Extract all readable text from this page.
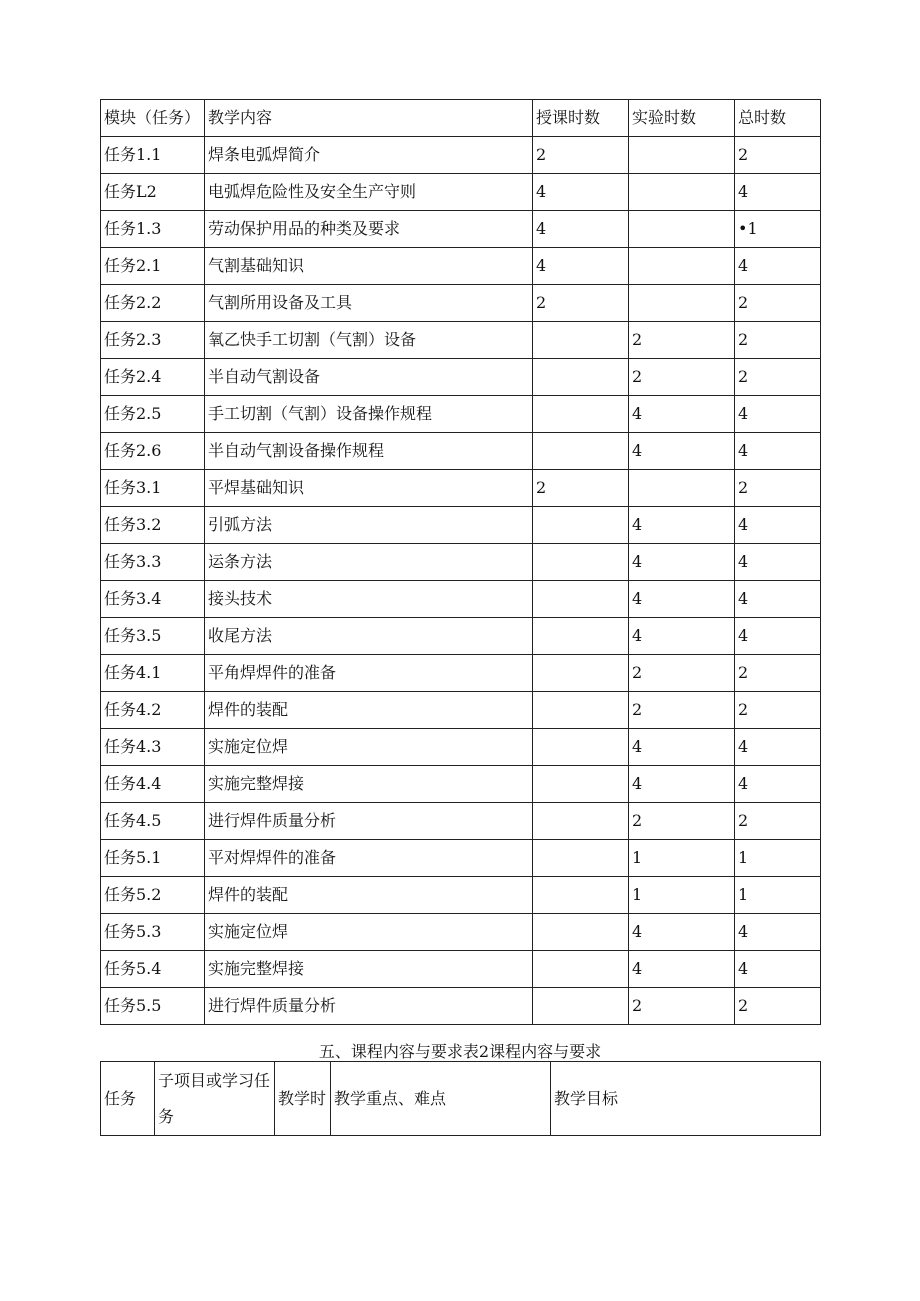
模块（任务）	教学内容	授课时数	实验时数	总时数
任务1.1	焊条电弧焊简介	2		2
任务L2	电弧焊危险性及安全生产守则	4		4
任务1.3	劳动保护用品的种类及要求	4		•1
任务2.1	气割基础知识	4		4
任务2.2	气割所用设备及工具	2		2
任务2.3	氧乙快手工切割（气割）设备		2	2
任务2.4	半自动气割设备		2	2
任务2.5	手工切割（气割）设备操作规程		4	4
任务2.6	半自动气割设备操作规程		4	4
任务3.1	平焊基础知识	2		2
任务3.2	引弧方法		4	4
任务3.3	运条方法		4	4
任务3.4	接头技术		4	4
任务3.5	收尾方法		4	4
任务4.1	平角焊焊件的准备		2	2
任务4.2	焊件的装配		2	2
任务4.3	实施定位焊		4	4
任务4.4	实施完整焊接		4	4
任务4.5	进行焊件质量分析		2	2
任务5.1	平对焊焊件的准备		1	1
任务5.2	焊件的装配		1	1
任务5.3	实施定位焊		4	4
任务5.4	实施完整焊接		4	4
任务5.5	进行焊件质量分析		2	2
五、课程内容与要求表2课程内容与要求
任务	子项目或学习任务	教学时	教学重点、难点	教学目标
